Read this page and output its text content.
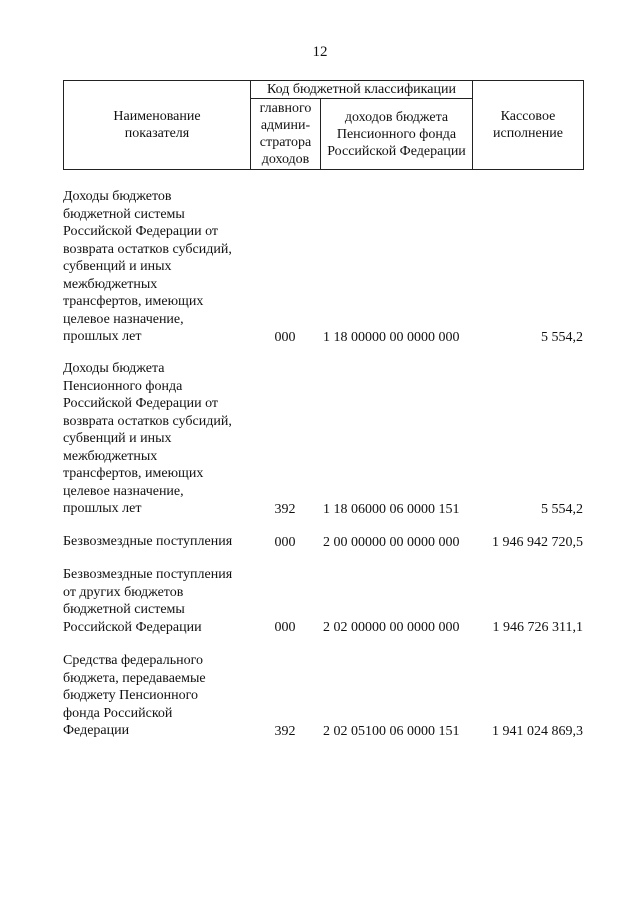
12
Наименование показателя	Код бюджетной классификации		Кассовое исполнение
	главного админи-стратора доходов	доходов бюджета Пенсионного фонда Российской Федерации	
Доходы бюджетов
бюджетной системы
Российской Федерации от
возврата остатков субсидий,
субвенций и иных
межбюджетных
трансфертов, имеющих
целевое назначение,
прошлых лет	000	1 18 00000 00 0000 000	5 554,2
Доходы бюджета
Пенсионного фонда
Российской Федерации от
возврата остатков субсидий,
субвенций и иных
межбюджетных
трансфертов, имеющих
целевое назначение,
прошлых лет	392	1 18 06000 06 0000 151	5 554,2
Безвозмездные поступления	000	2 00 00000 00 0000 000	1 946 942 720,5
Безвозмездные поступления
от других бюджетов
бюджетной системы
Российской Федерации	000	2 02 00000 00 0000 000	1 946 726 311,1
Средства федерального
бюджета, передаваемые
бюджету Пенсионного
фонда Российской
Федерации	392	2 02 05100 06 0000 151	1 941 024 869,3
